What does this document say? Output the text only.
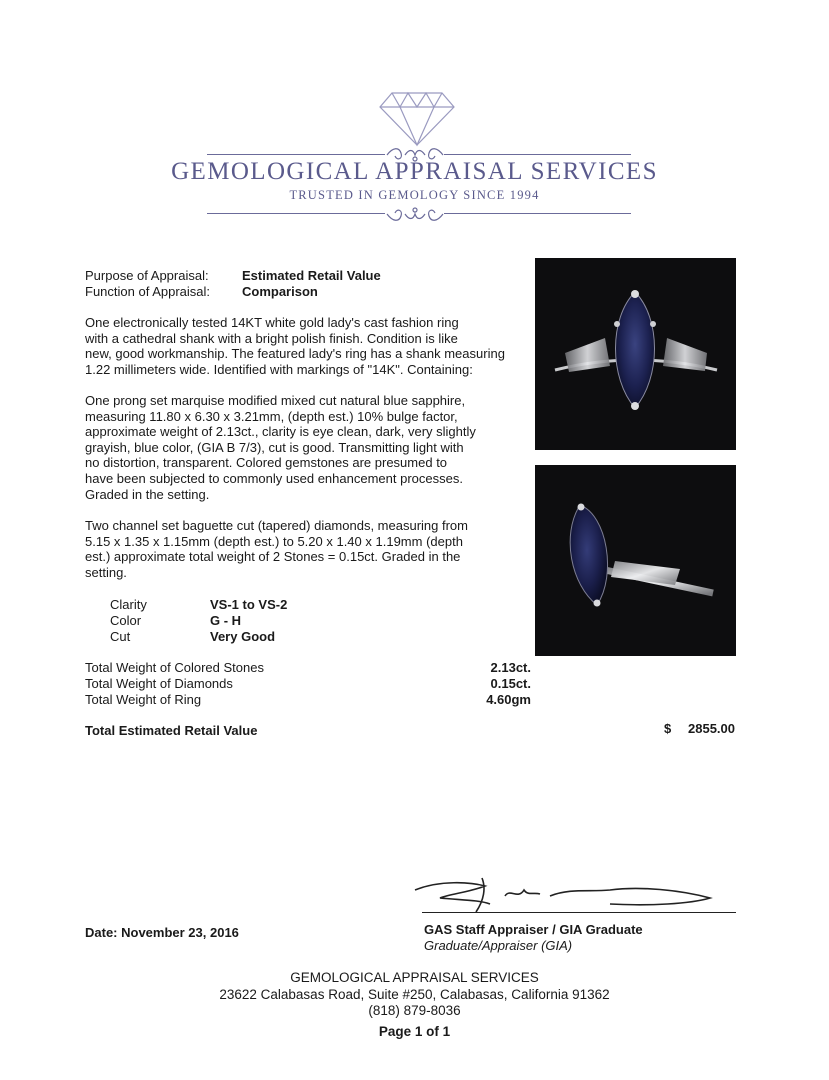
GEMOLOGICAL APPRAISAL SERVICES
TRUSTED IN GEMOLOGY SINCE 1994
Purpose of Appraisal:	Estimated Retail Value
Function of Appraisal: Comparison
One electronically tested 14KT white gold lady's cast fashion ring
with a cathedral shank with a bright polish finish. Condition is like
new, good workmanship. The featured lady's ring has a shank measuring
1.22 millimeters wide. Identified with markings of "14K". Containing:
One prong set marquise modified mixed cut natural blue sapphire,
measuring 11.80 x 6.30 x 3.21mm, (depth est.) 10% bulge factor,
approximate weight of 2.13ct., clarity is eye clean, dark, very slightly
grayish, blue color, (GIA B 7/3), cut is good. Transmitting light with
no distortion, transparent. Colored gemstones are presumed to
have been subjected to commonly used enhancement processes.
Graded in the setting.
Two channel set baguette cut (tapered) diamonds, measuring from
5.15 x 1.35 x 1.15mm (depth est.) to 5.20 x 1.40 x 1.19mm (depth
est.) approximate total weight of 2 Stones = 0.15ct. Graded in the
setting.
Clarity	VS-1 to VS-2
Color	G - H
Cut	Very Good
Total Weight of Colored Stones	2.13ct.
Total Weight of Diamonds	0.15ct.
Total Weight of Ring	4.60gm
Total Estimated Retail Value	$	2855.00
Date: November 23, 2016	GAS Staff Appraiser / GIA Graduate
Graduate/Appraiser (GIA)
GEMOLOGICAL APPRAISAL SERVICES
23622 Calabasas Road, Suite #250, Calabasas, California 91362
(818) 879-8036
Page 1 of 1
